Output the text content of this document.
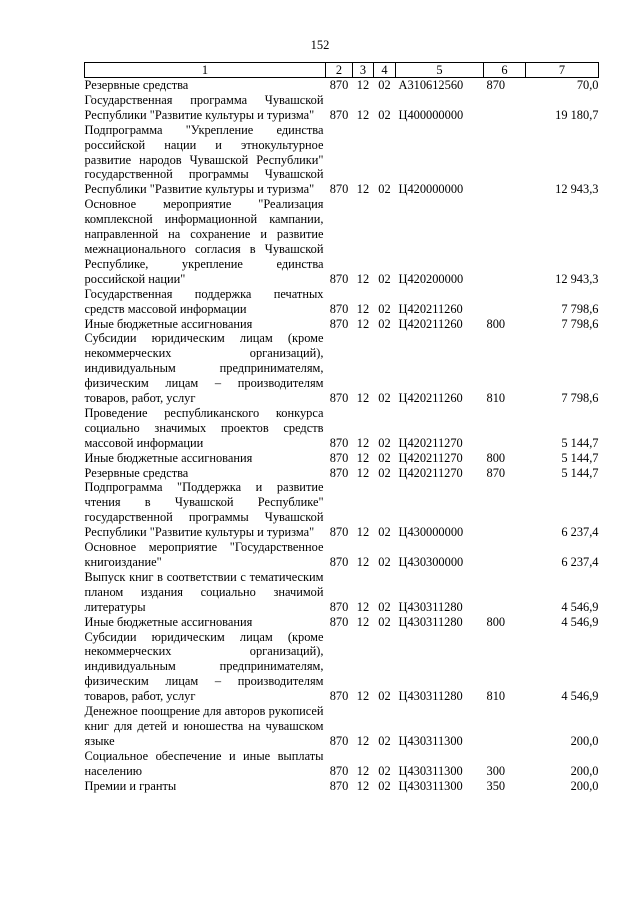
152
1	2	3	4	5	6	7
Резервные средства	870	12	02	А310612560	870	70,0
Государственная программа Чувашской Республики "Развитие культуры и туризма"	870	12	02	Ц400000000		19 180,7
Подпрограмма "Укрепление единства российской нации и этнокультурное развитие народов Чувашской Республики" государственной программы Чувашской Республики "Развитие культуры и туризма"	870	12	02	Ц420000000		12 943,3
Основное мероприятие "Реализация комплексной информационной кампании, направленной на сохранение и развитие межнационального согласия в Чувашской Республике, укрепление единства российской нации"	870	12	02	Ц420200000		12 943,3
Государственная поддержка печатных средств массовой информации	870	12	02	Ц420211260		7 798,6
Иные бюджетные ассигнования	870	12	02	Ц420211260	800	7 798,6
Субсидии юридическим лицам (кроме некоммерческих организаций), индивидуальным предпринимателям, физическим лицам – производителям товаров, работ, услуг	870	12	02	Ц420211260	810	7 798,6
Проведение республиканского конкурса социально значимых проектов средств массовой информации	870	12	02	Ц420211270		5 144,7
Иные бюджетные ассигнования	870	12	02	Ц420211270	800	5 144,7
Резервные средства	870	12	02	Ц420211270	870	5 144,7
Подпрограмма "Поддержка и развитие чтения в Чувашской Республике" государственной программы Чувашской Республики "Развитие культуры и туризма"	870	12	02	Ц430000000		6 237,4
Основное мероприятие "Государственное книгоиздание"	870	12	02	Ц430300000		6 237,4
Выпуск книг в соответствии с тематическим планом издания социально значимой литературы	870	12	02	Ц430311280		4 546,9
Иные бюджетные ассигнования	870	12	02	Ц430311280	800	4 546,9
Субсидии юридическим лицам (кроме некоммерческих организаций), индивидуальным предпринимателям, физическим лицам – производителям товаров, работ, услуг	870	12	02	Ц430311280	810	4 546,9
Денежное поощрение для авторов рукописей книг для детей и юношества на чувашском языке	870	12	02	Ц430311300		200,0
Социальное обеспечение и иные выплаты населению	870	12	02	Ц430311300	300	200,0
Премии и гранты	870	12	02	Ц430311300	350	200,0
